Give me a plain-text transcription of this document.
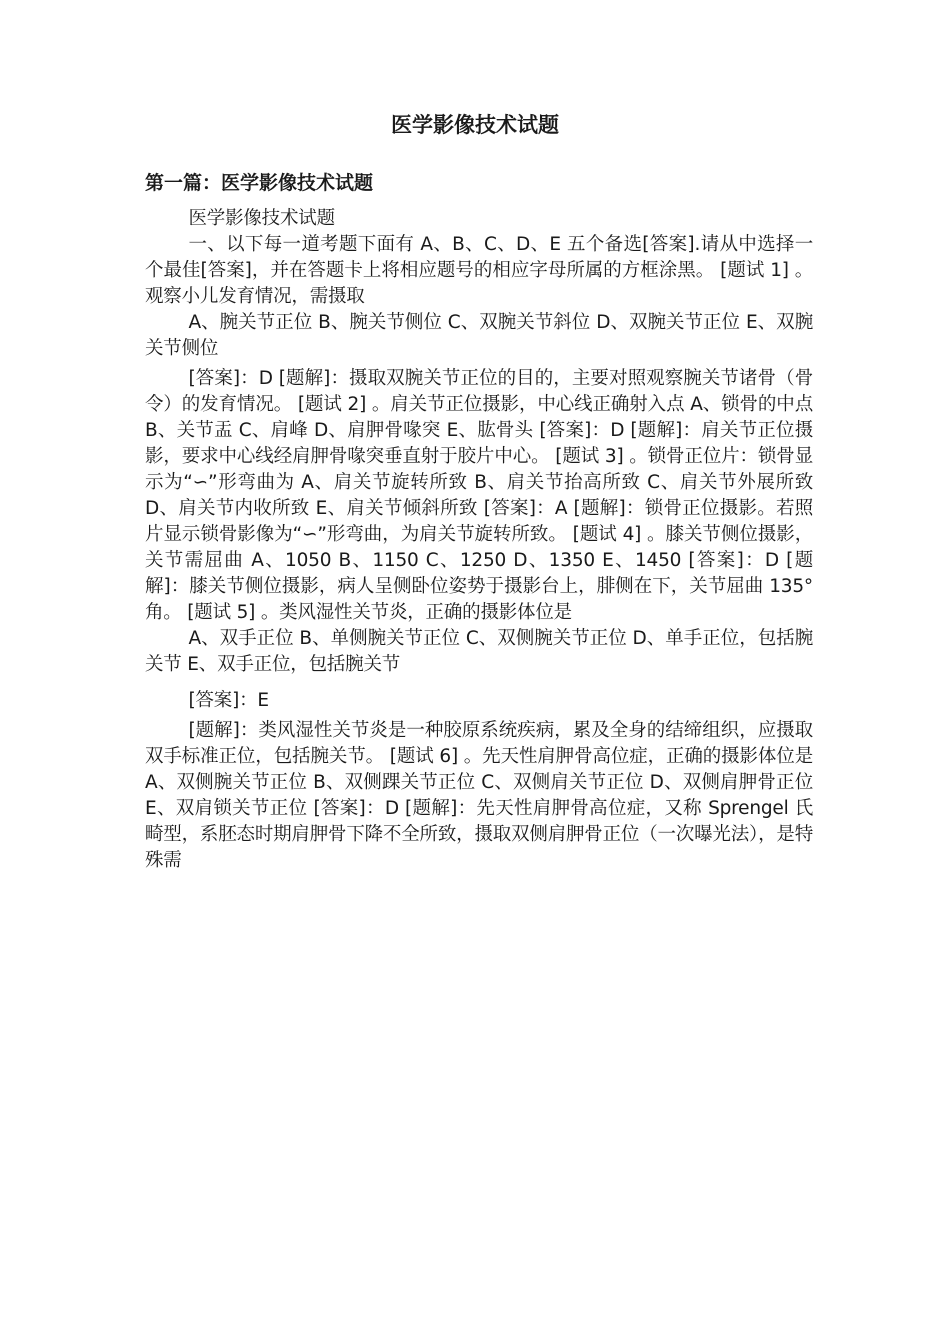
医学影像技术试题
第一篇：医学影像技术试题

医学影像技术试题

一、以下每一道考题下面有 A、B、C、D、E 五个备选[答案].请从中选择一个最佳[答案]，并在答题卡上将相应题号的相应字母所属的方框涂黑。 [题试 1] 。观察小儿发育情况，需摄取

A、腕关节正位 B、腕关节侧位 C、双腕关节斜位 D、双腕关节正位 E、双腕关节侧位

[答案]：D [题解]：摄取双腕关节正位的目的，主要对照观察腕关节诸骨（骨令）的发育情况。 [题试 2] 。肩关节正位摄影，中心线正确射入点 A、锁骨的中点 B、关节盂 C、肩峰 D、肩胛骨喙突 E、肱骨头 [答案]：D [题解]：肩关节正位摄影，要求中心线经肩胛骨喙突垂直射于胶片中心。 [题试 3] 。锁骨正位片：锁骨显示为“∽”形弯曲为 A、肩关节旋转所致 B、肩关节抬高所致 C、肩关节外展所致 D、肩关节内收所致 E、肩关节倾斜所致 [答案]：A [题解]：锁骨正位摄影。若照片显示锁骨影像为“∽”形弯曲，为肩关节旋转所致。 [题试 4] 。膝关节侧位摄影，关节需屈曲 A、1050 B、1150 C、1250 D、1350 E、1450 [答案]：D [题解]：膝关节侧位摄影，病人呈侧卧位姿势于摄影台上，腓侧在下，关节屈曲 135°角。 [题试 5] 。类风湿性关节炎，正确的摄影体位是

A、双手正位 B、单侧腕关节正位 C、双侧腕关节正位 D、单手正位，包括腕关节 E、双手正位，包括腕关节

[答案]：E

[题解]：类风湿性关节炎是一种胶原系统疾病，累及全身的结缔组织，应摄取双手标准正位，包括腕关节。 [题试 6] 。先天性肩胛骨高位症，正确的摄影体位是 A、双侧腕关节正位 B、双侧踝关节正位 C、双侧肩关节正位 D、双侧肩胛骨正位 E、双肩锁关节正位 [答案]：D [题解]：先天性肩胛骨高位症，又称 Sprengel 氏畸型，系胚态时期肩胛骨下降不全所致，摄取双侧肩胛骨正位（一次曝光法），是特殊需
